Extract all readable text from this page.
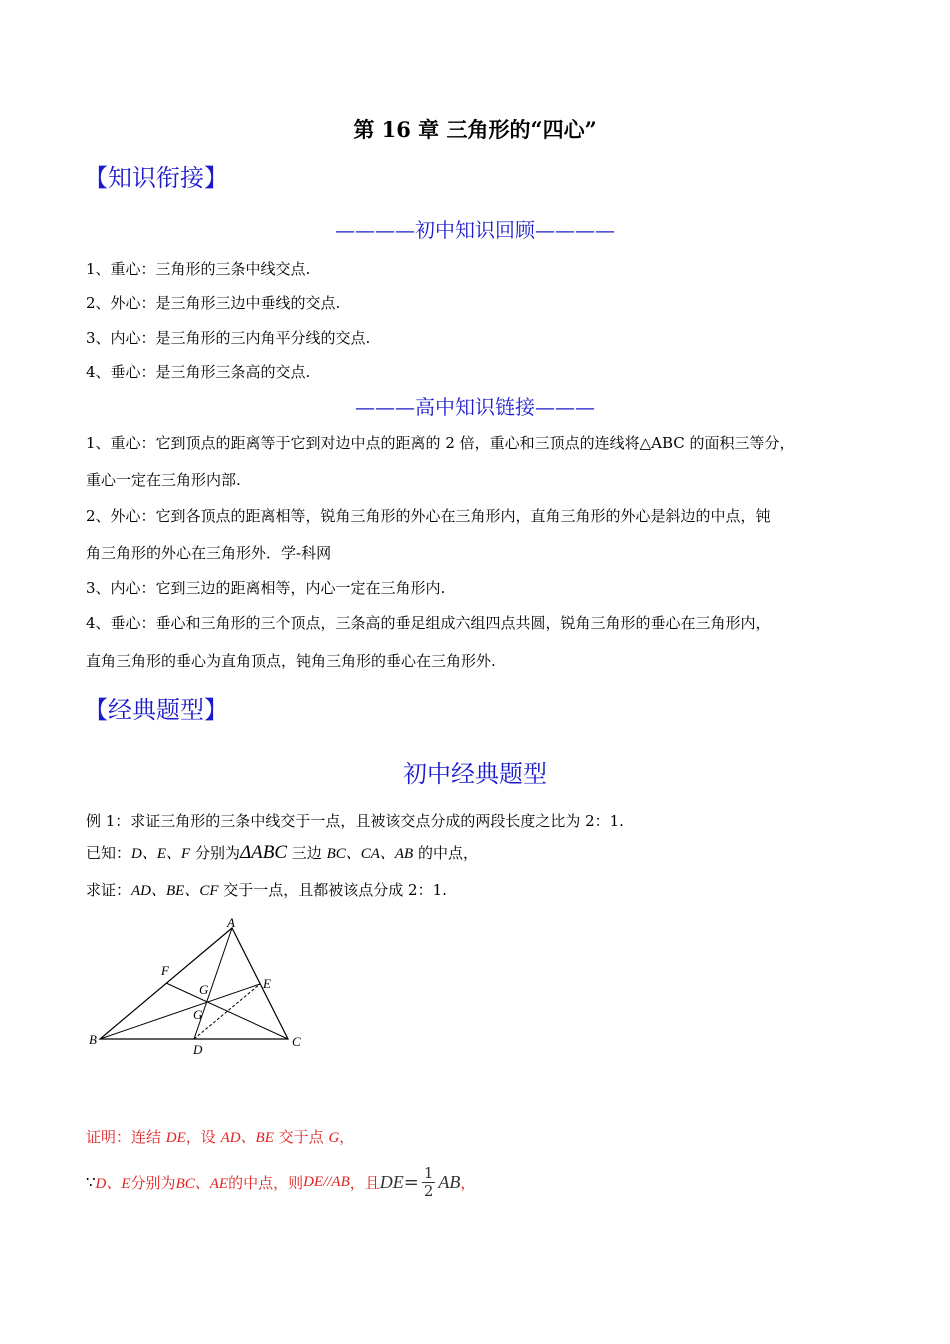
第 16 章 三角形的“四心”
【知识衔接】
————初中知识回顾————
1、重心：三角形的三条中线交点.
2、外心：是三角形三边中垂线的交点.
3、内心：是三角形的三内角平分线的交点.
4、垂心：是三角形三条高的交点.
———高中知识链接———
1、重心：它到顶点的距离等于它到对边中点的距离的 2 倍，重心和三顶点的连线将△ABC 的面积三等分，
重心一定在三角形内部.
2、外心：它到各顶点的距离相等，锐角三角形的外心在三角形内，直角三角形的外心是斜边的中点，钝
角三角形的外心在三角形外．学-科网
3、内心：它到三边的距离相等，内心一定在三角形内.
4、垂心：垂心和三角形的三个顶点，三条高的垂足组成六组四点共圆，锐角三角形的垂心在三角形内，
直角三角形的垂心为直角顶点，钝角三角形的垂心在三角形外.
【经典题型】
初中经典题型
例 1：求证三角形的三条中线交于一点，且被该交点分成的两段长度之比为 2：1.
已知：D、E、F 分别为ΔABC 三边 BC、CA、AB 的中点，
求证：AD、BE、CF 交于一点，且都被该点分成 2：1.
A
B	C
D
E
F
G
G
证明：连结 DE，设 AD、BE 交于点 G，
∵ D、E 分别为 BC、AE 的中点，则 DE//AB ，且 DE = $\frac{1}{2}$ AB ，
